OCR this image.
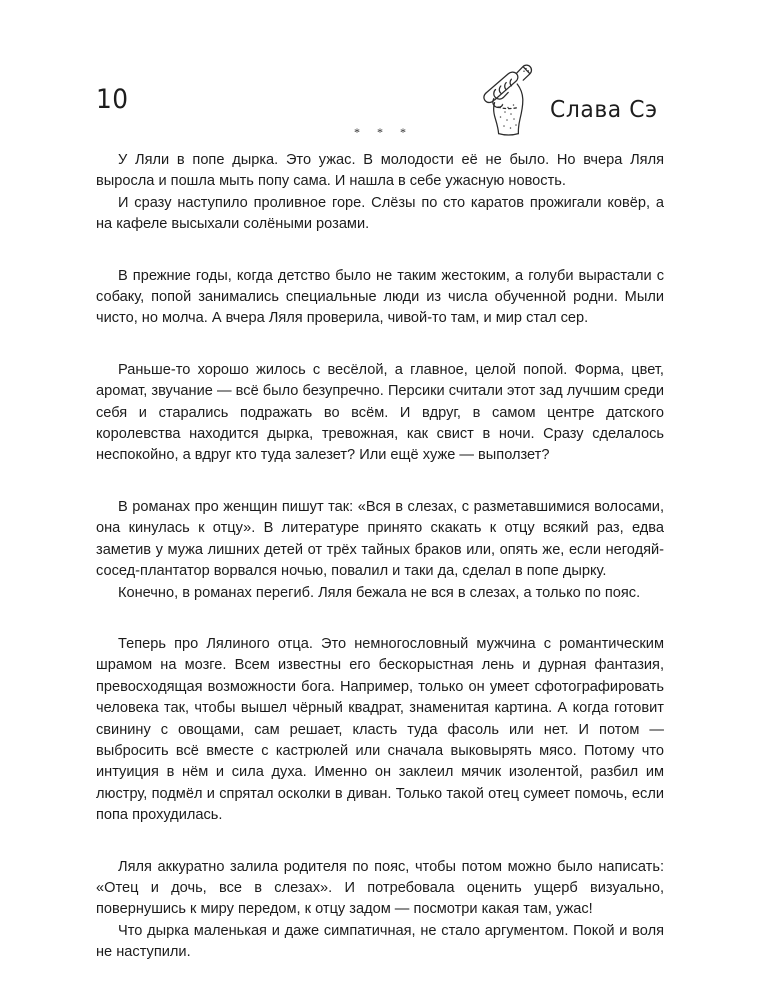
10	Слава Сэ
* * *

У Ляли в попе дырка. Это ужас. В молодости её не было. Но вчера Ляля выросла и пошла мыть попу сама. И нашла в себе ужасную новость.

И сразу наступило проливное горе. Слёзы по сто каратов прожигали ковёр, а на кафеле высыхали солёными розами.

В прежние годы, когда детство было не таким жестоким, а голуби вырастали с собаку, попой занимались специальные люди из числа обученной родни. Мыли чисто, но молча. А вчера Ляля проверила, чивой-то там, и мир стал сер.

Раньше-то хорошо жилось с весёлой, а главное, целой попой. Форма, цвет, аромат, звучание — всё было безупречно. Персики считали этот зад лучшим среди себя и старались подражать во всём. И вдруг, в самом центре датского королевства находится дырка, тревожная, как свист в ночи. Сразу сделалось неспокойно, а вдруг кто туда залезет? Или ещё хуже — выползет?

В романах про женщин пишут так: «Вся в слезах, с разметавшимися волосами, она кинулась к отцу». В литературе принято скакать к отцу всякий раз, едва заметив у мужа лишних детей от трёх тайных браков или, опять же, если негодяй-сосед-плантатор ворвался ночью, повалил и таки да, сделал в попе дырку.

Конечно, в романах перегиб. Ляля бежала не вся в слезах, а только по пояс.

Теперь про Лялиного отца. Это немногословный мужчина с романтическим шрамом на мозге. Всем известны его бескорыстная лень и дурная фантазия, превосходящая возможности бога. Например, только он умеет сфотографировать человека так, чтобы вышел чёрный квадрат, знаменитая картина. А когда готовит свинину с овощами, сам решает, класть туда фасоль или нет. И потом — выбросить всё вместе с кастрюлей или сначала выковырять мясо. Потому что интуиция в нём и сила духа. Именно он заклеил мячик изолентой, разбил им люстру, подмёл и спрятал осколки в диван. Только такой отец сумеет помочь, если попа прохудилась.

Ляля аккуратно залила родителя по пояс, чтобы потом можно было написать: «Отец и дочь, все в слезах». И потребовала оценить ущерб визуально, повернушись к миру передом, к отцу задом — посмотри какая там, ужас!

Что дырка маленькая и даже симпатичная, не стало аргументом. Покой и воля не наступили.
